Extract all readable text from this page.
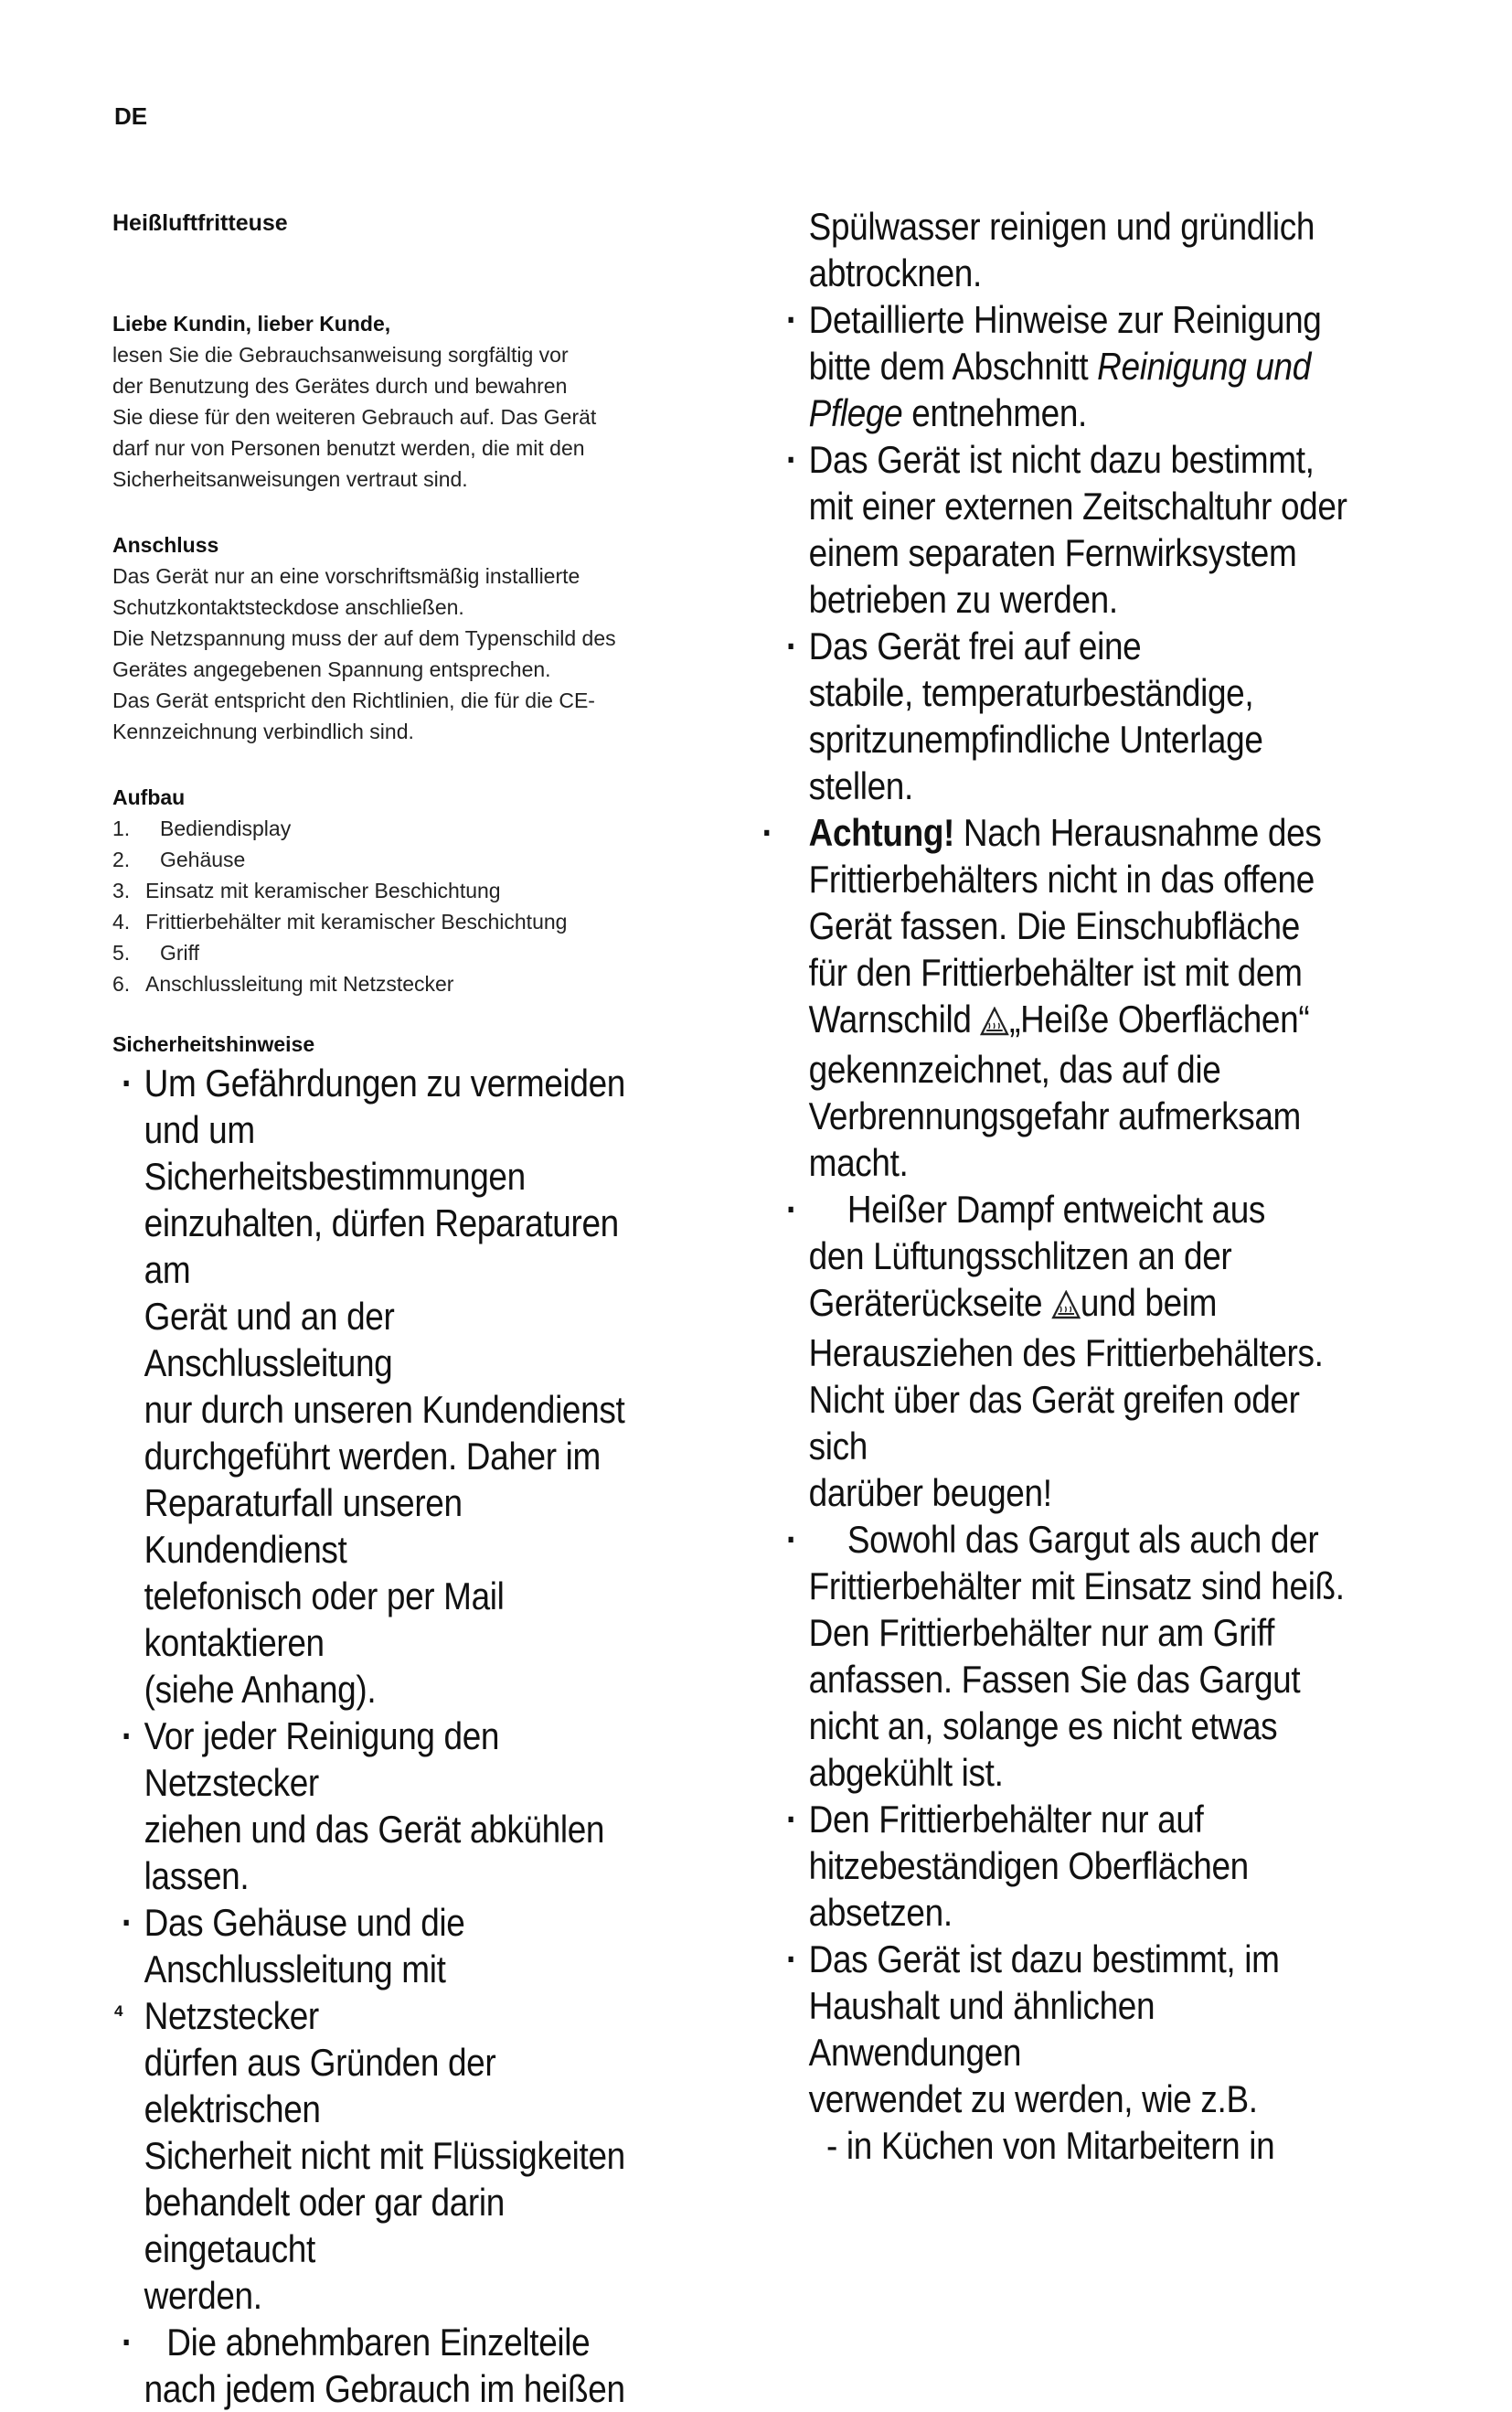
DE
Heißluftfritteuse
Liebe Kundin, lieber Kunde,
lesen Sie die Gebrauchsanweisung sorgfältig vor
der Benutzung des Gerätes durch und bewahren
Sie diese für den weiteren Gebrauch auf. Das Gerät
darf nur von Personen benutzt werden, die mit den
Sicherheitsanweisungen vertraut sind.
Anschluss
Das Gerät nur an eine vorschriftsmäßig installierte
Schutzkontaktsteckdose anschließen.
Die Netzspannung muss der auf dem Typenschild des
Gerätes angegebenen Spannung entsprechen.
Das Gerät entspricht den Richtlinien, die für die CE-
Kennzeichnung verbindlich sind.
Aufbau
1.	Bediendisplay
2.	Gehäuse
3. Einsatz mit keramischer Beschichtung
4. Frittierbehälter mit keramischer Beschichtung
5.	Griff
6. Anschlussleitung mit Netzstecker
Sicherheitshinweise
· Um Gefährdungen zu vermeiden
und um Sicherheitsbestimmungen
einzuhalten, dürfen Reparaturen am
Gerät und an der Anschlussleitung
nur durch unseren Kundendienst
durchgeführt werden. Daher im
Reparaturfall unseren Kundendienst
telefonisch oder per Mail kontaktieren
(siehe Anhang).
· Vor jeder Reinigung den Netzstecker
ziehen und das Gerät abkühlen
lassen.
· Das Gehäuse und die
Anschlussleitung mit Netzstecker
dürfen aus Gründen der elektrischen
Sicherheit nicht mit Flüssigkeiten
behandelt oder gar darin eingetaucht
werden.
· Die abnehmbaren Einzelteile
nach jedem Gebrauch im heißen
Spülwasser reinigen und gründlich
abtrocknen.
· Detaillierte Hinweise zur Reinigung
bitte dem Abschnitt Reinigung und
Pflege entnehmen.
· Das Gerät ist nicht dazu bestimmt,
mit einer externen Zeitschaltuhr oder
einem separaten Fernwirksystem
betrieben zu werden.
· Das Gerät frei auf eine
stabile, temperaturbeständige,
spritzunempfindliche Unterlage stellen.
· Achtung! Nach Herausnahme des
Frittierbehälters nicht in das offene
Gerät fassen. Die Einschubfläche
für den Frittierbehälter ist mit dem
Warnschild „Heiße Oberflächen“
gekennzeichnet, das auf die
Verbrennungsgefahr aufmerksam
macht.
· Heißer Dampf entweicht aus
den Lüftungsschlitzen an der
Geräterückseite und beim
Herausziehen des Frittierbehälters.
Nicht über das Gerät greifen oder sich
darüber beugen!
· Sowohl das Gargut als auch der
Frittierbehälter mit Einsatz sind heiß.
Den Frittierbehälter nur am Griff
anfassen. Fassen Sie das Gargut
nicht an, solange es nicht etwas
abgekühlt ist.
· Den Frittierbehälter nur auf
hitzebeständigen Oberflächen
absetzen.
· Das Gerät ist dazu bestimmt, im
Haushalt und ähnlichen Anwendungen
verwendet zu werden, wie z.B.
- in Küchen von Mitarbeitern in
4
